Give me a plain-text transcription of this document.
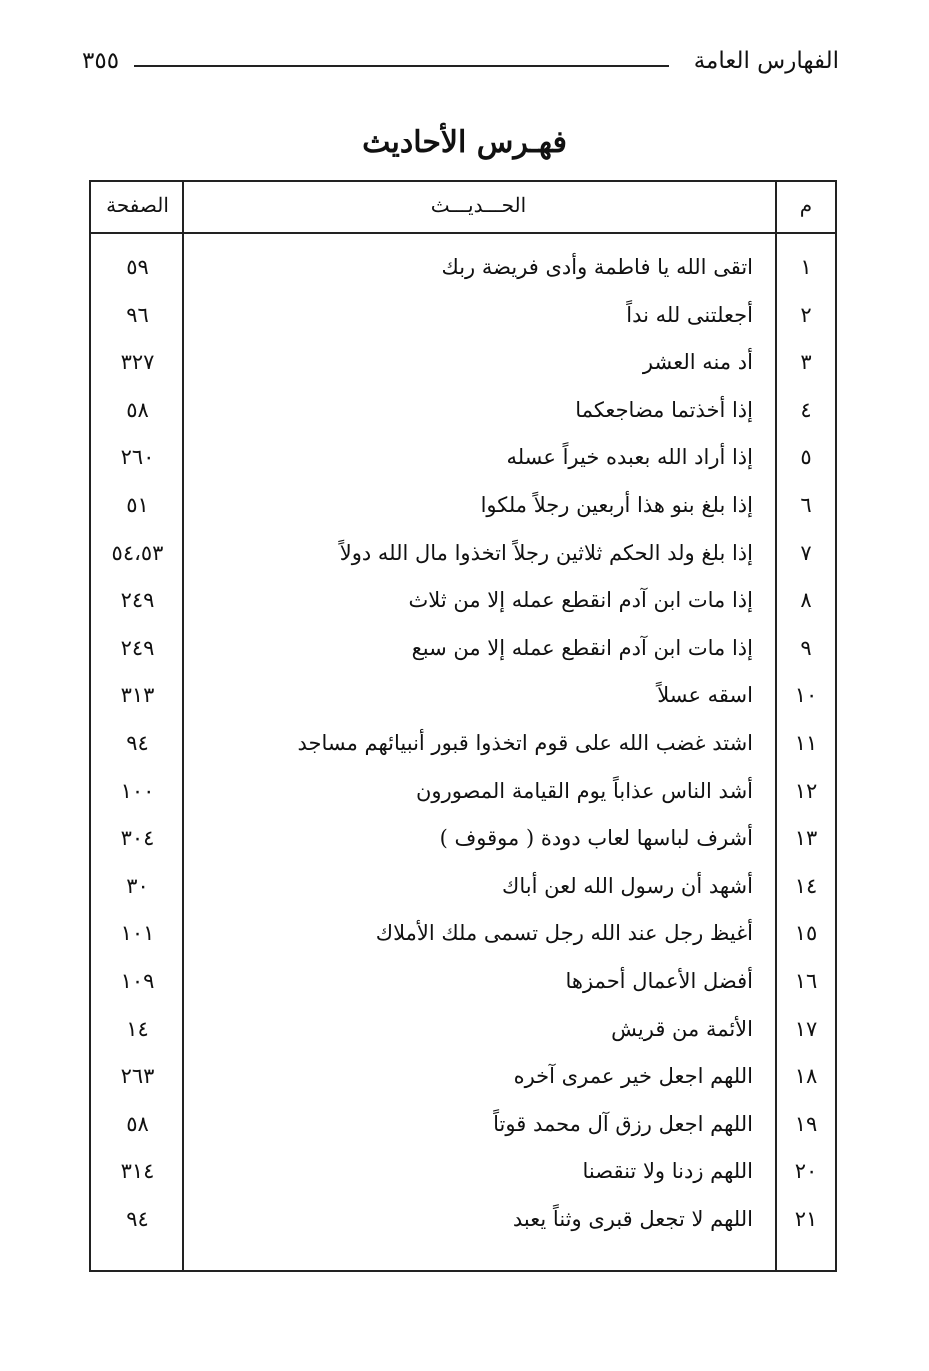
الفهارس العامة
٣٥٥
فهـرس الأحاديث
م
الحـــديـــث
الصفحة
١
اتقى الله يا فاطمة وأدى فريضة ربك
٥٩
٢
أجعلتنى لله نداً
٩٦
٣
أد منه العشر
٣٢٧
٤
إذا أخذتما مضاجعكما
٥٨
٥
إذا أراد الله بعبده خيراً عسله
٢٦٠
٦
إذا بلغ بنو هذا أربعين رجلاً ملكوا
٥١
٧
إذا بلغ ولد الحكم ثلاثين رجلاً اتخذوا مال الله دولاً
٥٤،٥٣
٨
إذا مات ابن آدم انقطع عمله إلا من ثلاث
٢٤٩
٩
إذا مات ابن آدم انقطع عمله إلا من سبع
٢٤٩
١٠
اسقه عسلاً
٣١٣
١١
اشتد غضب الله على قوم اتخذوا قبور أنبيائهم مساجد
٩٤
١٢
أشد الناس عذاباً يوم القيامة المصورون
١٠٠
١٣
أشرف لباسها لعاب دودة ( موقوف )
٣٠٤
١٤
أشهد أن رسول الله لعن أباك
٣٠
١٥
أغيظ رجل عند الله رجل تسمى ملك الأملاك
١٠١
١٦
أفضل الأعمال أحمزها
١٠٩
١٧
الأئمة من قريش
١٤
١٨
اللهم اجعل خير عمرى آخره
٢٦٣
١٩
اللهم اجعل رزق آل محمد قوتاً
٥٨
٢٠
اللهم زدنا ولا تنقصنا
٣١٤
٢١
اللهم لا تجعل قبرى وثناً يعبد
٩٤
